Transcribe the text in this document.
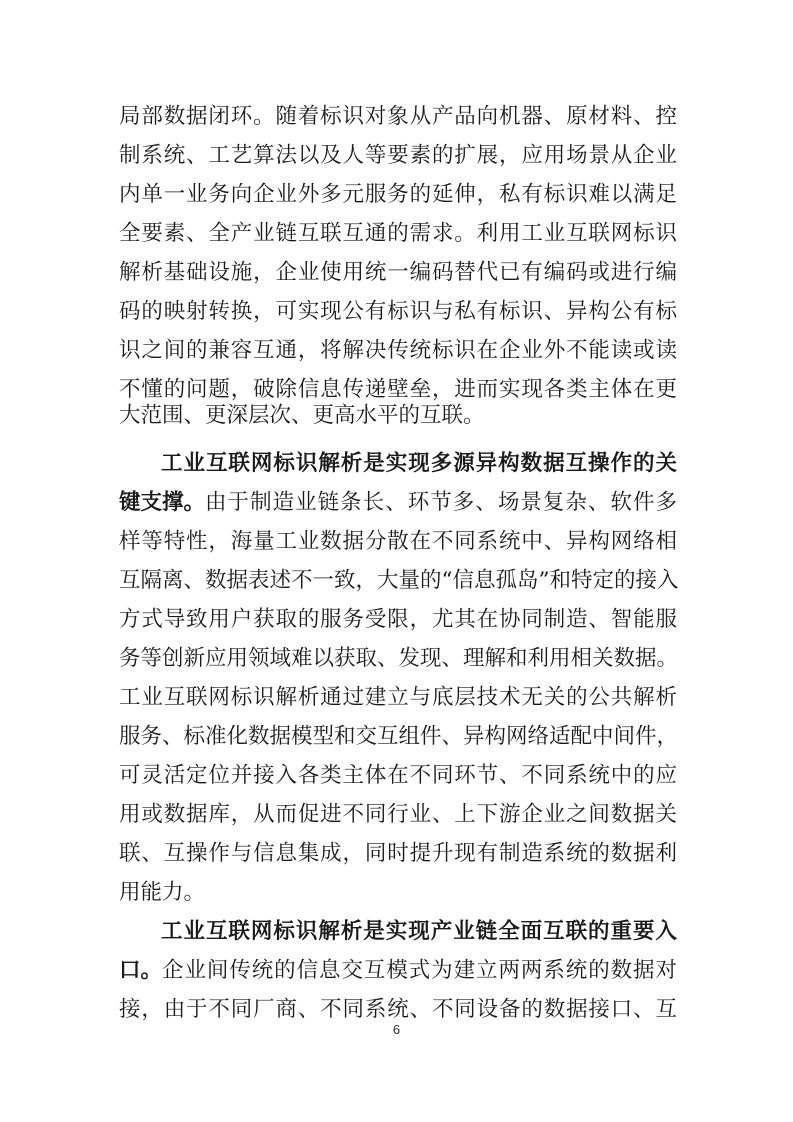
局部数据闭环。随着标识对象从产品向机器、原材料、控
制系统、工艺算法以及人等要素的扩展，应用场景从企业
内单一业务向企业外多元服务的延伸，私有标识难以满足
全要素、全产业链互联互通的需求。利用工业互联网标识
解析基础设施，企业使用统一编码替代已有编码或进行编
码的映射转换，可实现公有标识与私有标识、异构公有标
识之间的兼容互通，将解决传统标识在企业外不能读或读
不懂的问题，破除信息传递壁垒，进而实现各类主体在更
大范围、更深层次、更高水平的互联。
工业互联网标识解析是实现多源异构数据互操作的关
键支撑。 由于制造业链条长、环节多、场景复杂、软件多
样等特性，海量工业数据分散在不同系统中、异构网络相
互隔离、数据表述不一致，大量的“信息孤岛”和特定的接入
方式导致用户获取的服务受限，尤其在协同制造、智能服
务等创新应用领域难以获取、发现、理解和利用相关数据。
工业互联网标识解析通过建立与底层技术无关的公共解析
服务、标准化数据模型和交互组件、异构网络适配中间件，
可灵活定位并接入各类主体在不同环节、不同系统中的应
用或数据库，从而促进不同行业、上下游企业之间数据关
联、互操作与信息集成，同时提升现有制造系统的数据利
用能力。
工业互联网标识解析是实现产业链全面互联的重要入
口。 企业间传统的信息交互模式为建立两两系统的数据对
接，由于不同厂商、不同系统、不同设备的数据接口、互
6
